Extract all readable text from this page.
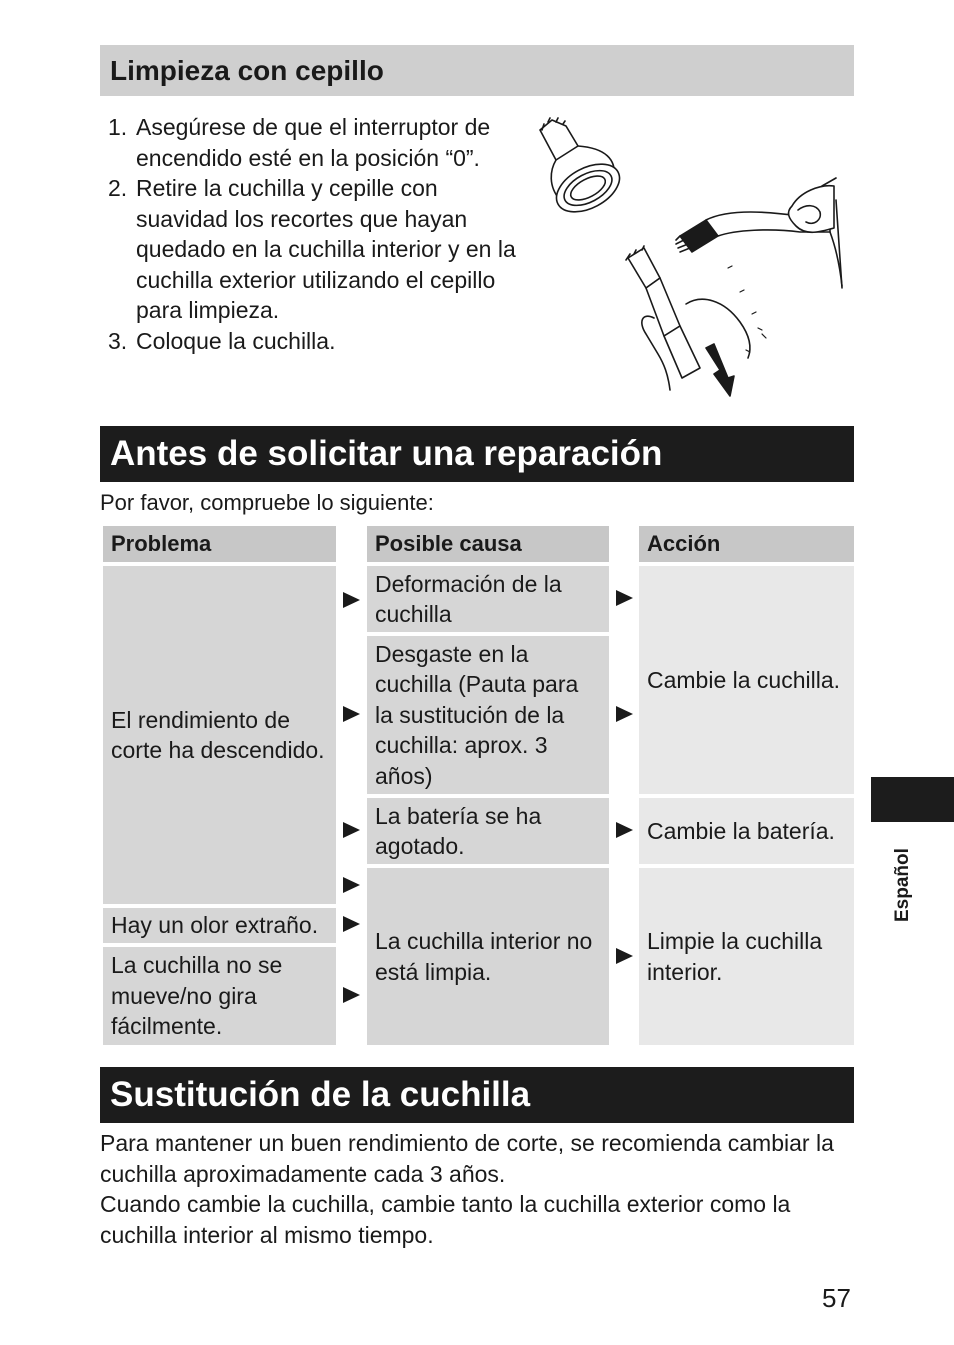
Limpieza con cepillo
1. Asegúrese de que el interruptor de encendido esté en la posición “0”.
2. Retire la cuchilla y cepille con suavidad los recortes que hayan quedado en la cuchilla interior y en la cuchilla exterior utilizando el cepillo para limpieza.
3. Coloque la cuchilla.
Antes de solicitar una reparación
Por favor, compruebe lo siguiente:
Problema	Posible causa	Acción
El rendimiento de corte ha descendido.
Hay un olor extraño.
La cuchilla no se mueve/no gira fácilmente.
Deformación de la cuchilla
Desgaste en la cuchilla (Pauta para la sustitución de la cuchilla: aprox. 3 años)
La batería se ha agotado.
La cuchilla interior no está limpia.
Cambie la cuchilla.
Cambie la batería.
Limpie la cuchilla interior.
Sustitución de la cuchilla
Para mantener un buen rendimiento de corte, se recomienda cambiar la cuchilla aproximadamente cada 3 años.
Cuando cambie la cuchilla, cambie tanto la cuchilla exterior como la cuchilla interior al mismo tiempo.
Español
57
